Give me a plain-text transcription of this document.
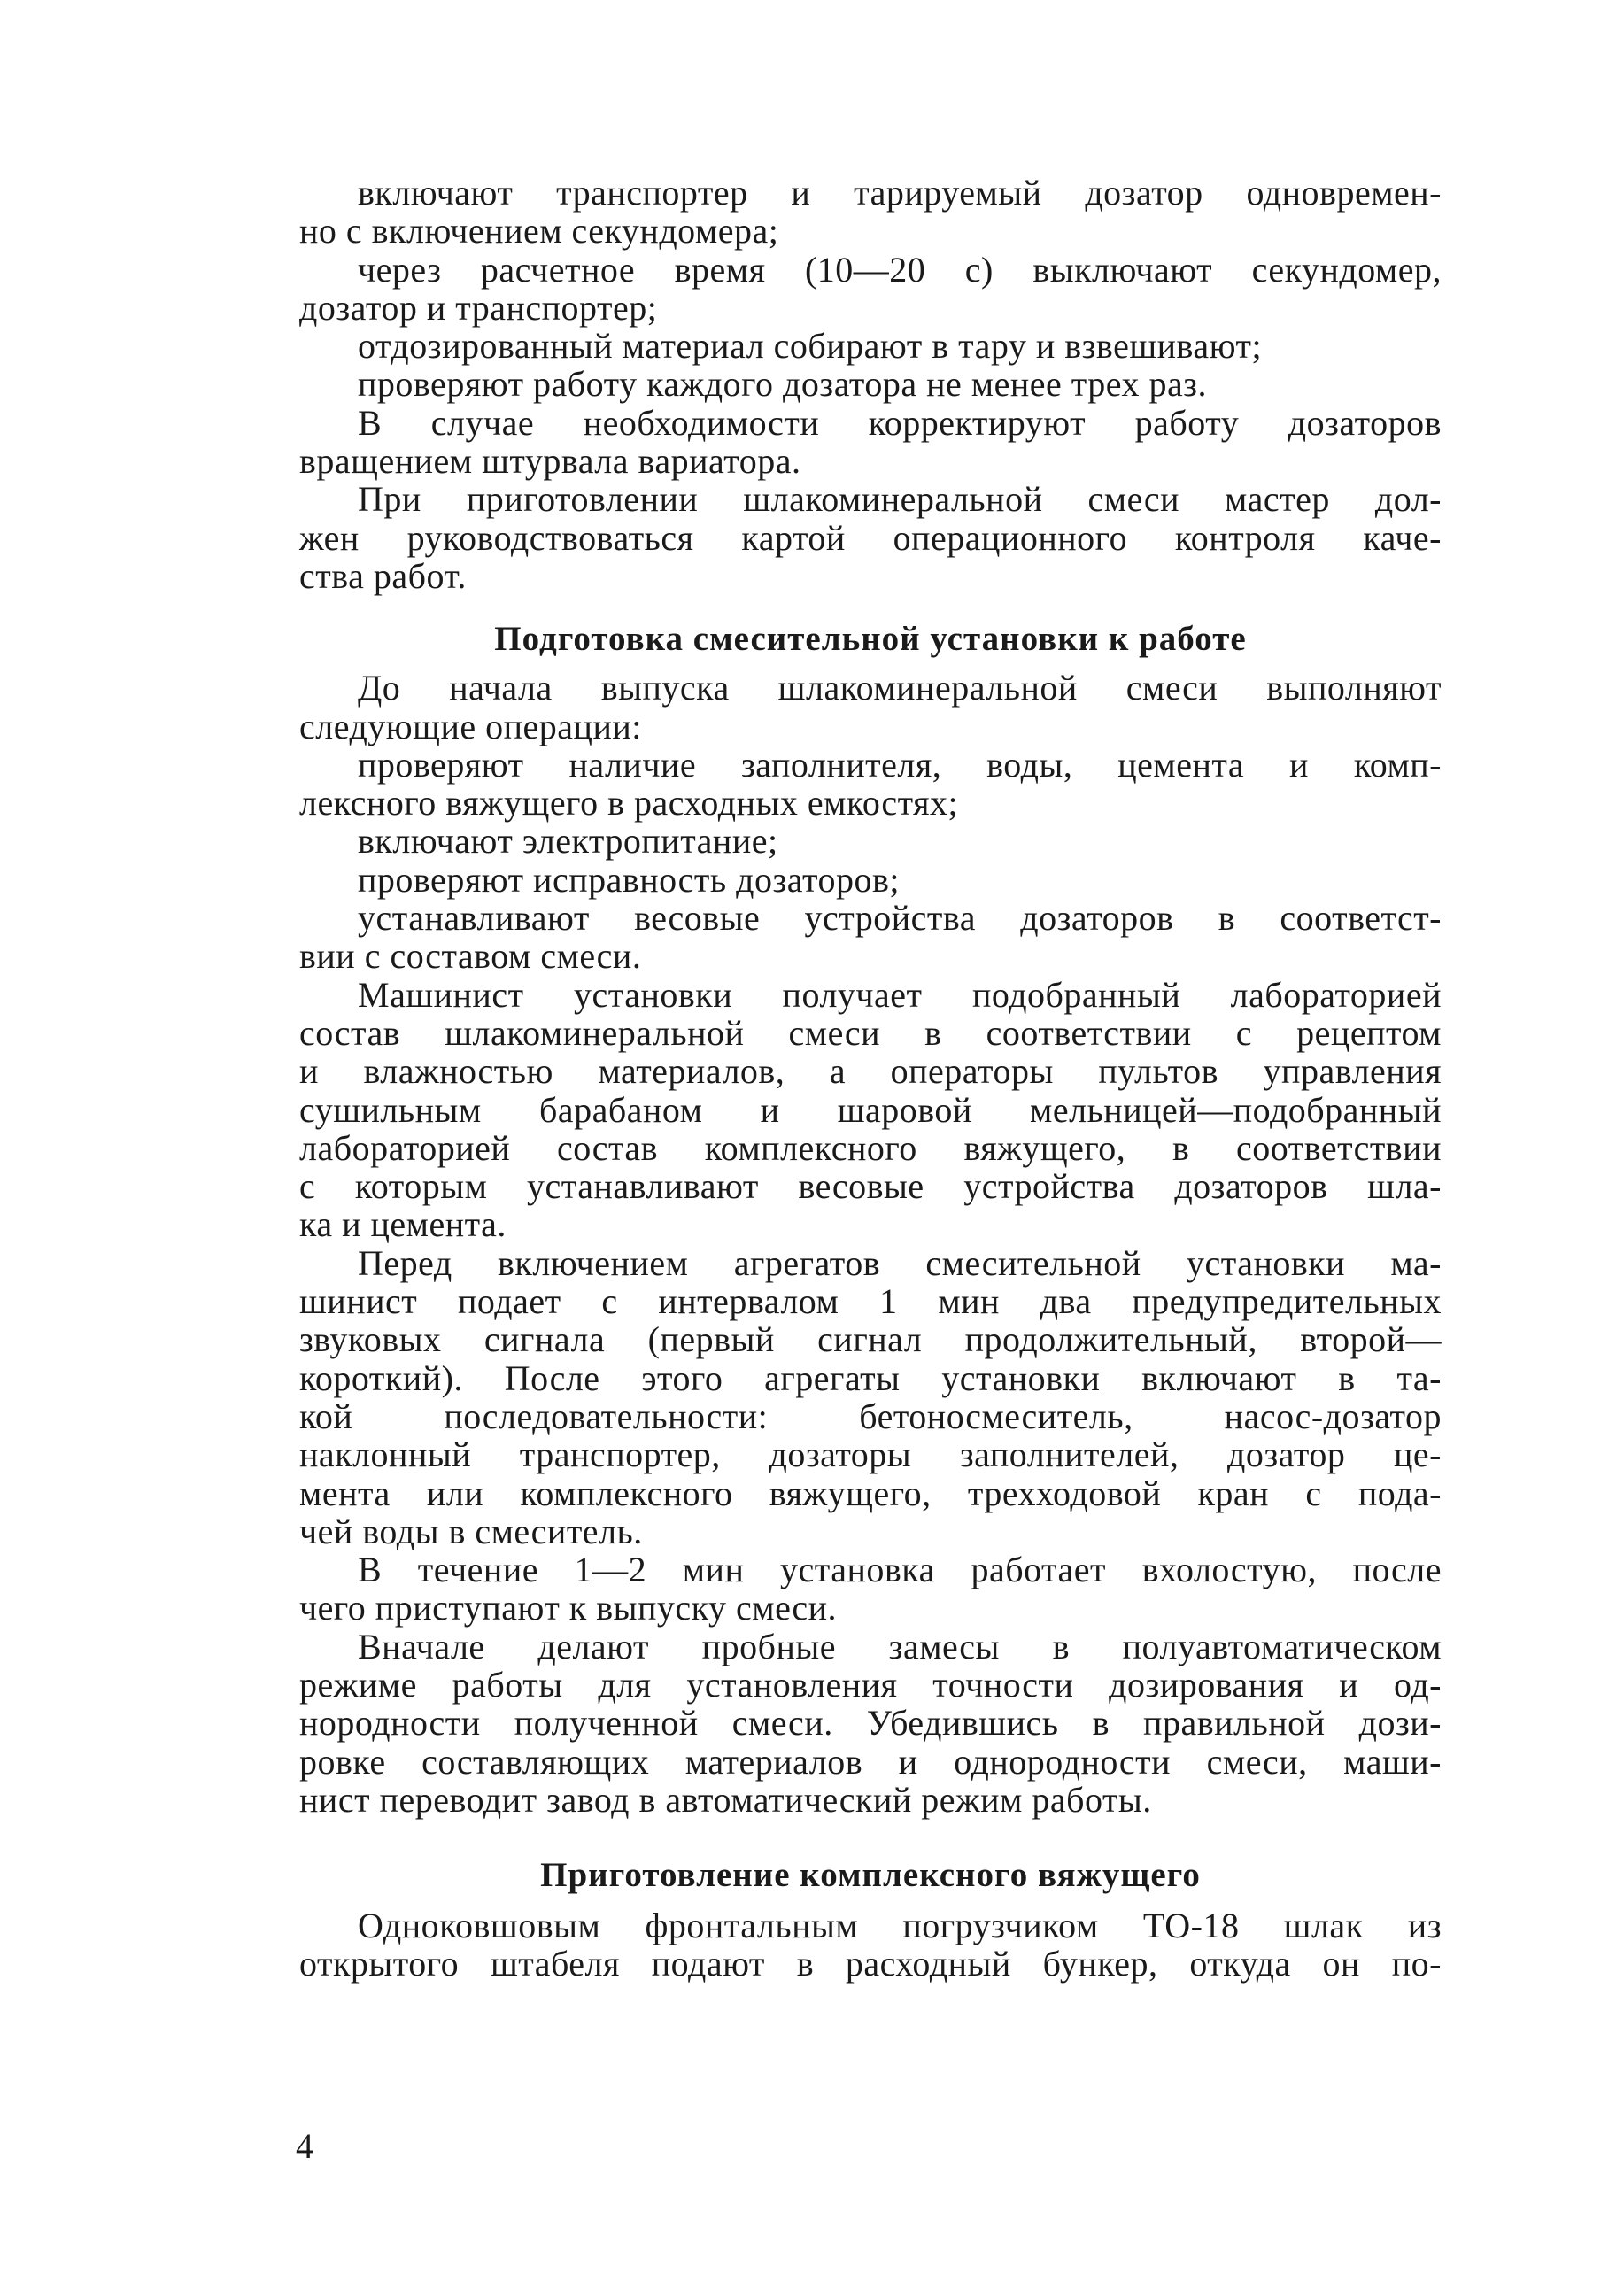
включают транспортер и тарируемый дозатор одновремен-
но с включением секундомера;
через расчетное время (10—20 с) выключают секундомер,
дозатор и транспортер;
отдозированный материал собирают в тару и взвешивают;
проверяют работу каждого дозатора не менее трех раз.
В случае необходимости корректируют работу дозаторов
вращением штурвала вариатора.
При приготовлении шлакоминеральной смеси мастер дол-
жен руководствоваться картой операционного контроля каче-
ства работ.
Подготовка смесительной установки к работе
До начала выпуска шлакоминеральной смеси выполняют
следующие операции:
проверяют наличие заполнителя, воды, цемента и комп-
лексного вяжущего в расходных емкостях;
включают электропитание;
проверяют исправность дозаторов;
устанавливают весовые устройства дозаторов в соответст-
вии с составом смеси.
Машинист установки получает подобранный лабораторией
состав шлакоминеральной смеси в соответствии с рецептом
и влажностью материалов, а операторы пультов управления
сушильным барабаном и шаровой мельницей—подобранный
лабораторией состав комплексного вяжущего, в соответствии
с которым устанавливают весовые устройства дозаторов шла-
ка и цемента.
Перед включением агрегатов смесительной установки ма-
шинист подает с интервалом 1 мин два предупредительных
звуковых сигнала (первый сигнал продолжительный, второй—
короткий). После этого агрегаты установки включают в та-
кой последовательности: бетоносмеситель, насос-дозатор
наклонный транспортер, дозаторы заполнителей, дозатор це-
мента или комплексного вяжущего, трехходовой кран с пода-
чей воды в смеситель.
В течение 1—2 мин установка работает вхолостую, после
чего приступают к выпуску смеси.
Вначале делают пробные замесы в полуавтоматическом
режиме работы для установления точности дозирования и од-
нородности полученной смеси. Убедившись в правильной дози-
ровке составляющих материалов и однородности смеси, маши-
нист переводит завод в автоматический режим работы.
Приготовление комплексного вяжущего
Одноковшовым фронтальным погрузчиком ТО-18 шлак из
открытого штабеля подают в расходный бункер, откуда он по-
4
